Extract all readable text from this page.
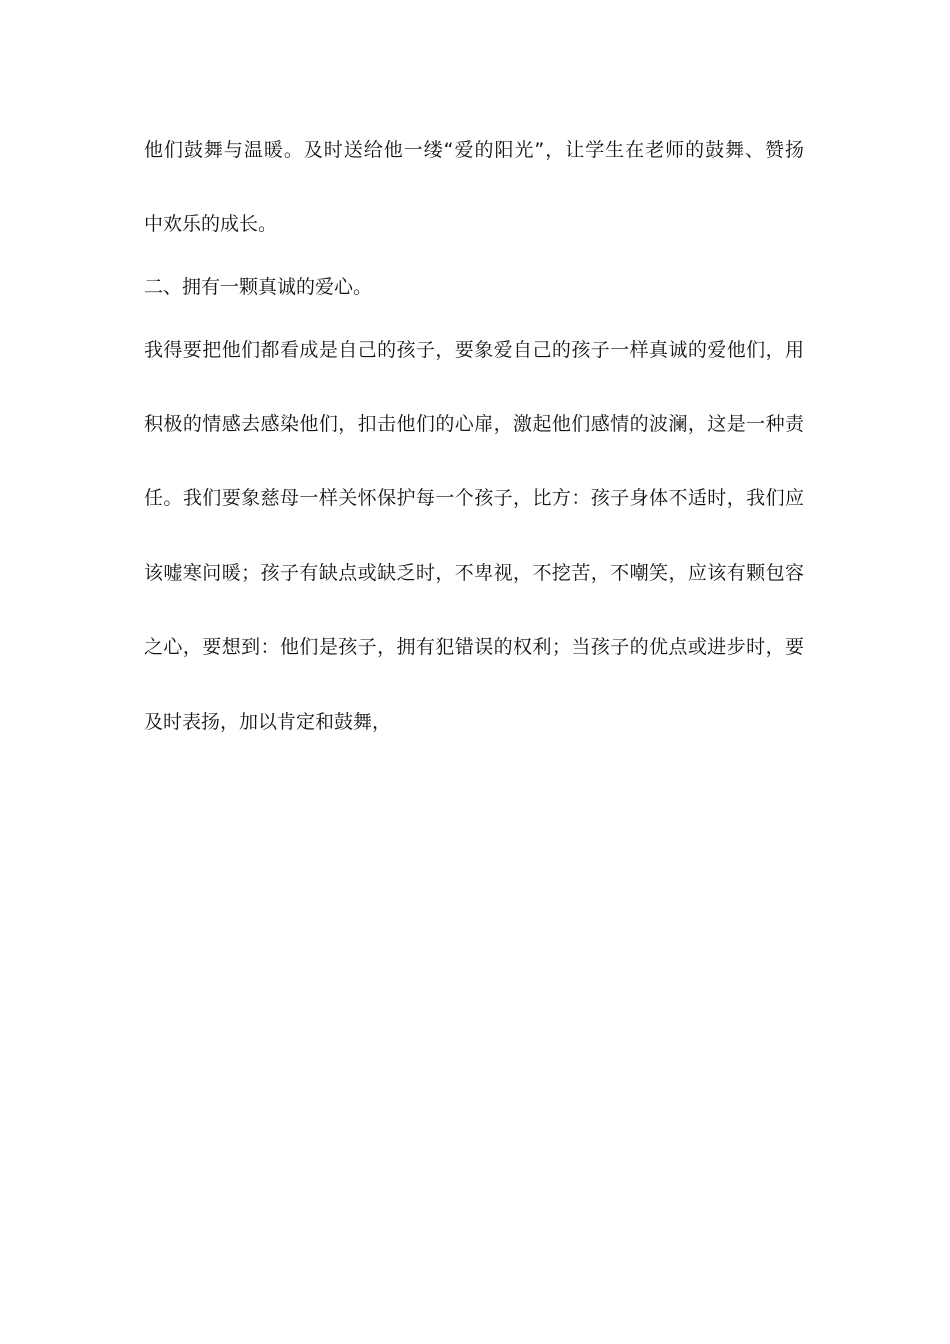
他们鼓舞与温暖。及时送给他一缕“爱的阳光”，让学生在老师的鼓舞、赞扬

中欢乐的成长。

二、拥有一颗真诚的爱心。

我得要把他们都看成是自己的孩子，要象爱自己的孩子一样真诚的爱他们，用

积极的情感去感染他们，扣击他们的心扉，激起他们感情的波澜，这是一种责

任。我们要象慈母一样关怀保护每一个孩子，比方：孩子身体不适时，我们应

该嘘寒问暖；孩子有缺点或缺乏时，不卑视，不挖苦，不嘲笑，应该有颗包容

之心，要想到：他们是孩子，拥有犯错误的权利；当孩子的优点或进步时，要

及时表扬，加以肯定和鼓舞，
